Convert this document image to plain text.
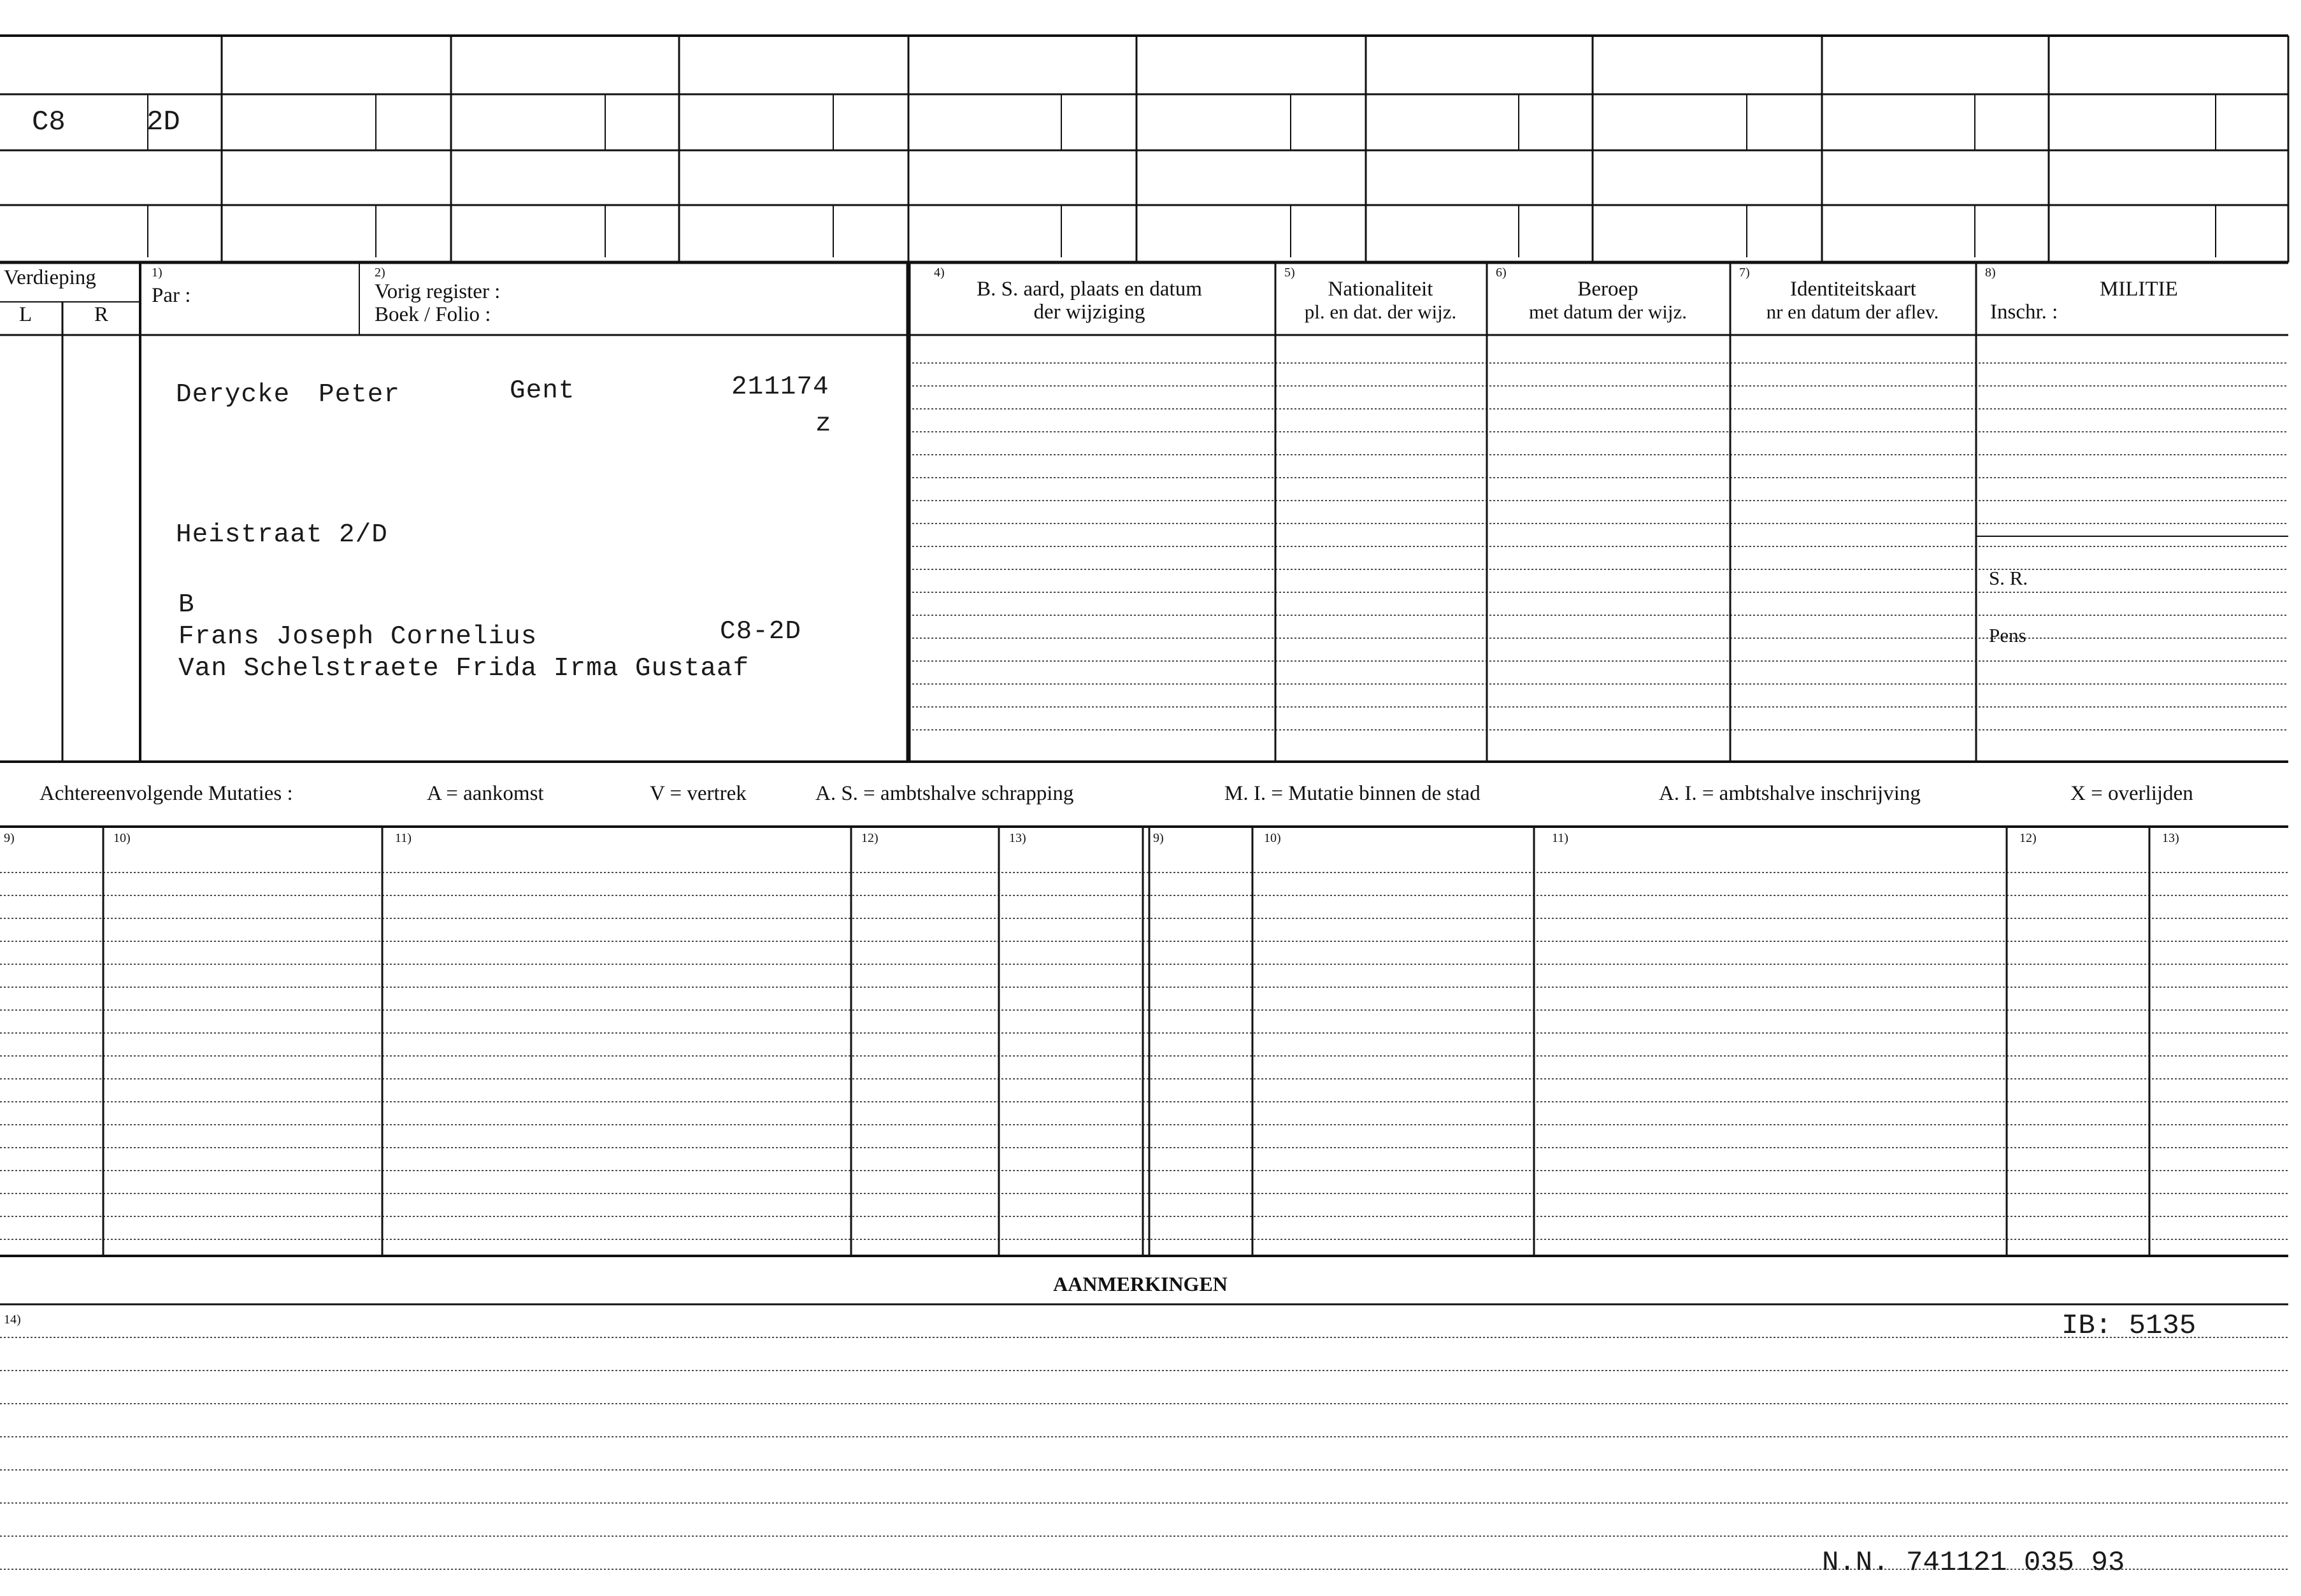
C8	2D
Verdieping
L	R
1)
Par :
2)
Vorig register :
Boek / Folio :
4)
B. S. aard, plaats en datum
der wijziging
5)
Nationaliteit
pl. en dat. der wijz.
6)
Beroep
met datum der wijz.
7)
Identiteitskaart
nr en datum der aflev.
8)
MILITIE
Inschr. :
S. R.
Pens
Derycke Peter	Gent	211174
z
Heistraat 2/D
B
Frans Joseph Cornelius	C8-2D
Van Schelstraete Frida Irma Gustaaf
Achtereenvolgende Mutaties :	A = aankomst	V = vertrek	A. S. = ambtshalve schrapping	M. I. = Mutatie binnen de stad	A. I. = ambtshalve inschrijving	X = overlijden
9)	10)	11)	12)	13)	9)	10)	11)	12)	13)
AANMERKINGEN
14)	IB: 5135
N.N. 741121 035 93
